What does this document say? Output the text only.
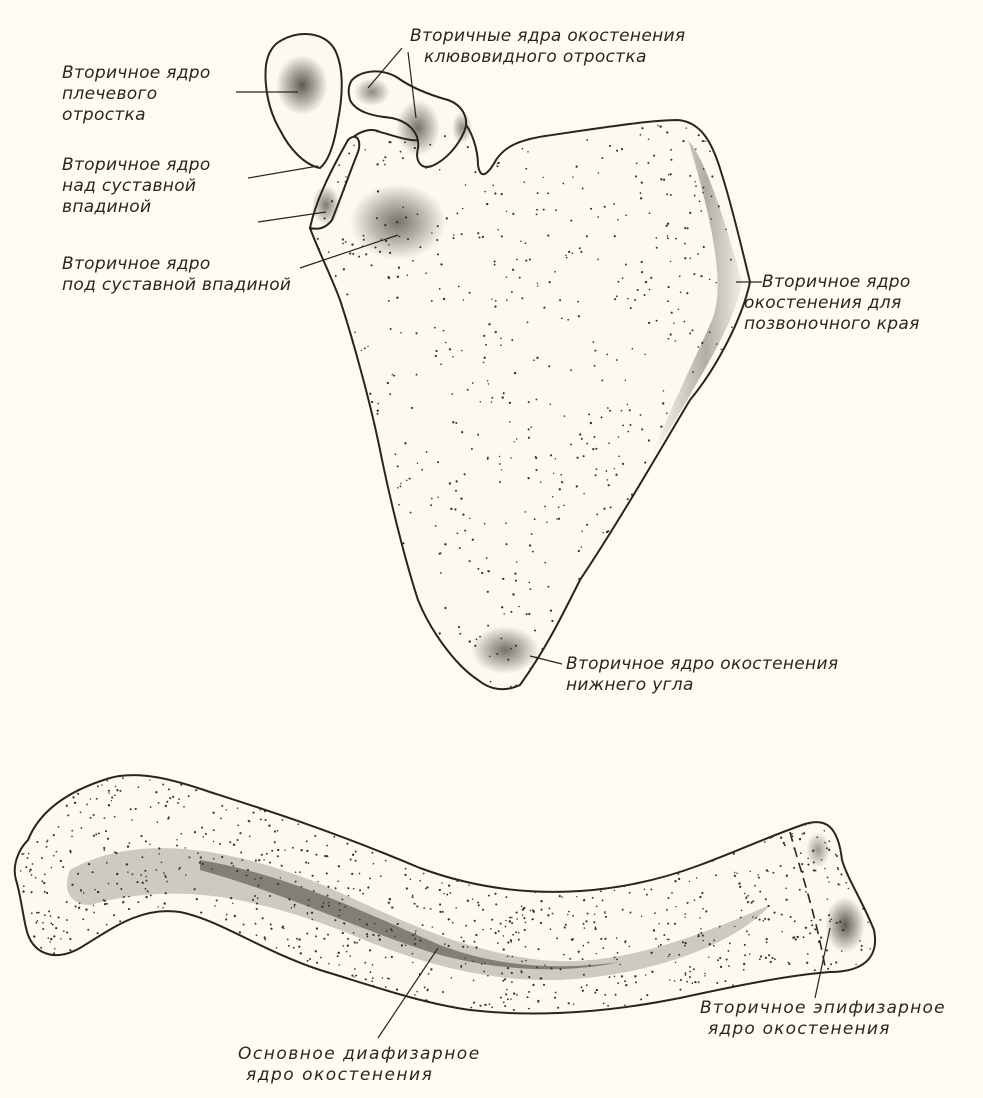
Вторичное ядро
плечевого
отростка
Вторичные ядра окостенения
клювовидного отростка
Вторичное ядро
над суставной
впадиной
Вторичное ядро
под суставной впадиной	Вторичное ядро
окостенения для
позвоночного края
Вторичное ядро окостенения
нижнего угла
Основное диафизарное
ядро окостенения
Вторичное эпифизарное
ядро окостенения
